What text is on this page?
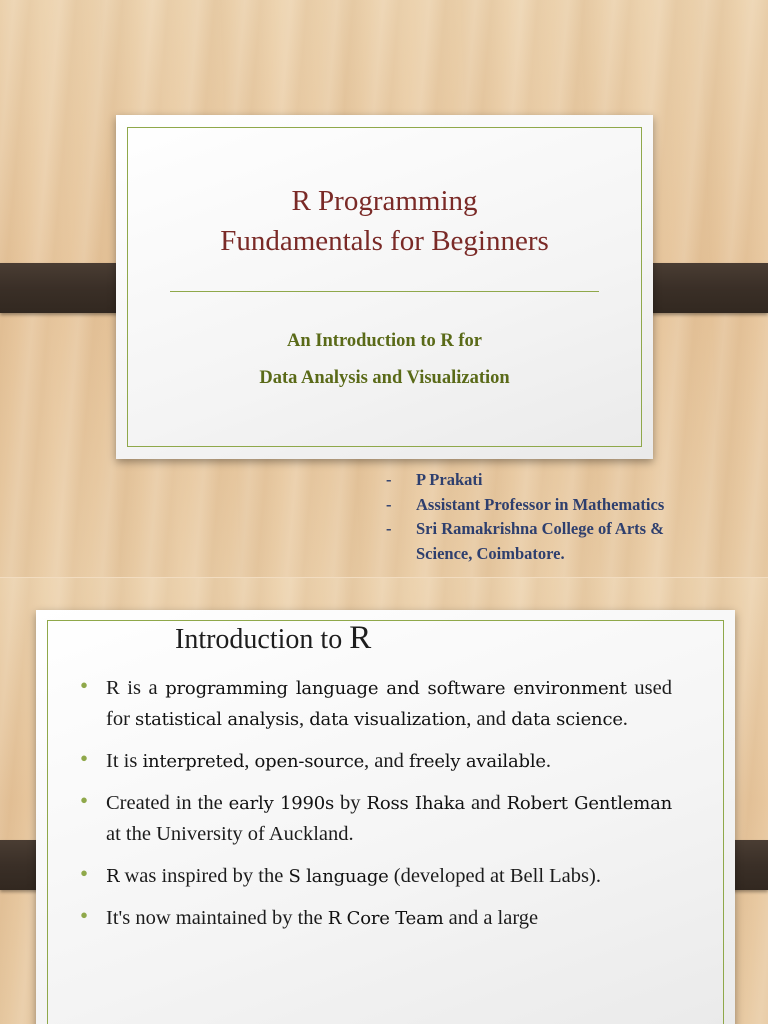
R Programming
Fundamentals for Beginners
An Introduction to R for
Data Analysis and Visualization
- P Prakati
- Assistant Professor in Mathematics
- Sri Ramakrishna College of Arts &
Science, Coimbatore.
Introduction to R
• R is a programming language and software environment used for statistical analysis, data visualization, and data science.
• It is interpreted, open-source, and freely available.
• Created in the early 1990s by Ross Ihaka and Robert Gentleman at the University of Auckland.
• R was inspired by the S language (developed at Bell Labs).
• It's now maintained by the R Core Team and a large
